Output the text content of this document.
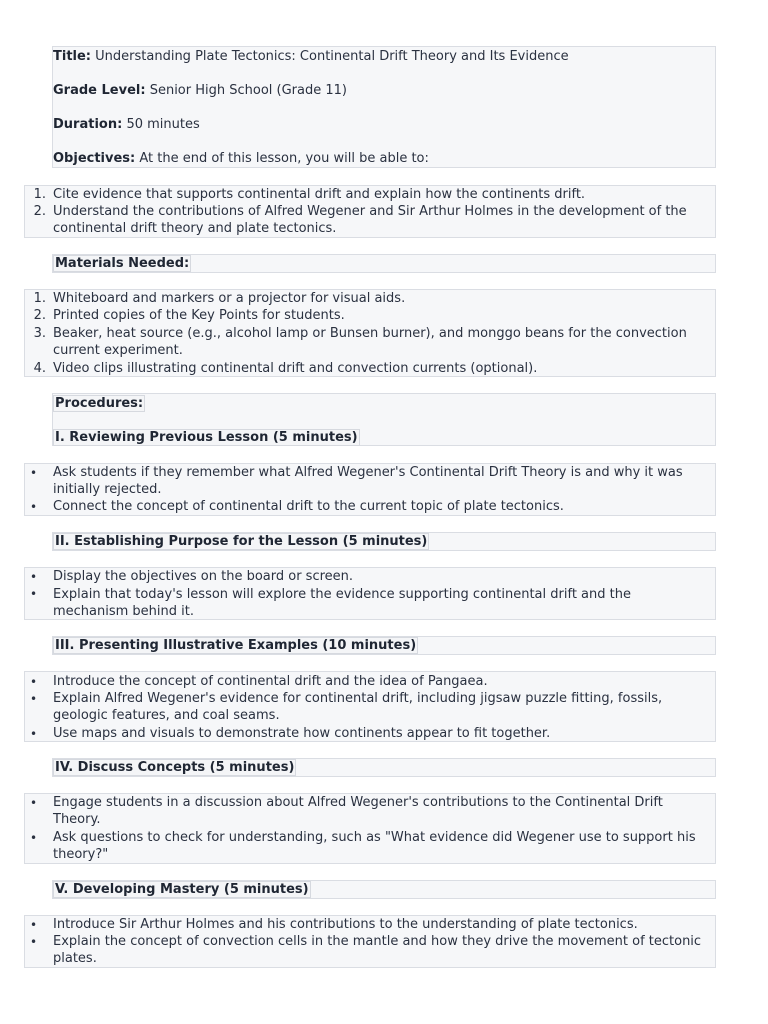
Title: Understanding Plate Tectonics: Continental Drift Theory and Its Evidence
Grade Level: Senior High School (Grade 11)
Duration: 50 minutes
Objectives: At the end of this lesson, you will be able to:
1. Cite evidence that supports continental drift and explain how the continents drift.
2. Understand the contributions of Alfred Wegener and Sir Arthur Holmes in the development of the continental drift theory and plate tectonics.
Materials Needed:
1. Whiteboard and markers or a projector for visual aids.
2. Printed copies of the Key Points for students.
3. Beaker, heat source (e.g., alcohol lamp or Bunsen burner), and monggo beans for the convection current experiment.
4. Video clips illustrating continental drift and convection currents (optional).
Procedures:
I. Reviewing Previous Lesson (5 minutes)
• Ask students if they remember what Alfred Wegener's Continental Drift Theory is and why it was initially rejected.
• Connect the concept of continental drift to the current topic of plate tectonics.
II. Establishing Purpose for the Lesson (5 minutes)
• Display the objectives on the board or screen.
• Explain that today's lesson will explore the evidence supporting continental drift and the mechanism behind it.
III. Presenting Illustrative Examples (10 minutes)
• Introduce the concept of continental drift and the idea of Pangaea.
• Explain Alfred Wegener's evidence for continental drift, including jigsaw puzzle fitting, fossils, geologic features, and coal seams.
• Use maps and visuals to demonstrate how continents appear to fit together.
IV. Discuss Concepts (5 minutes)
• Engage students in a discussion about Alfred Wegener's contributions to the Continental Drift Theory.
• Ask questions to check for understanding, such as "What evidence did Wegener use to support his theory?"
V. Developing Mastery (5 minutes)
• Introduce Sir Arthur Holmes and his contributions to the understanding of plate tectonics.
• Explain the concept of convection cells in the mantle and how they drive the movement of tectonic plates.
